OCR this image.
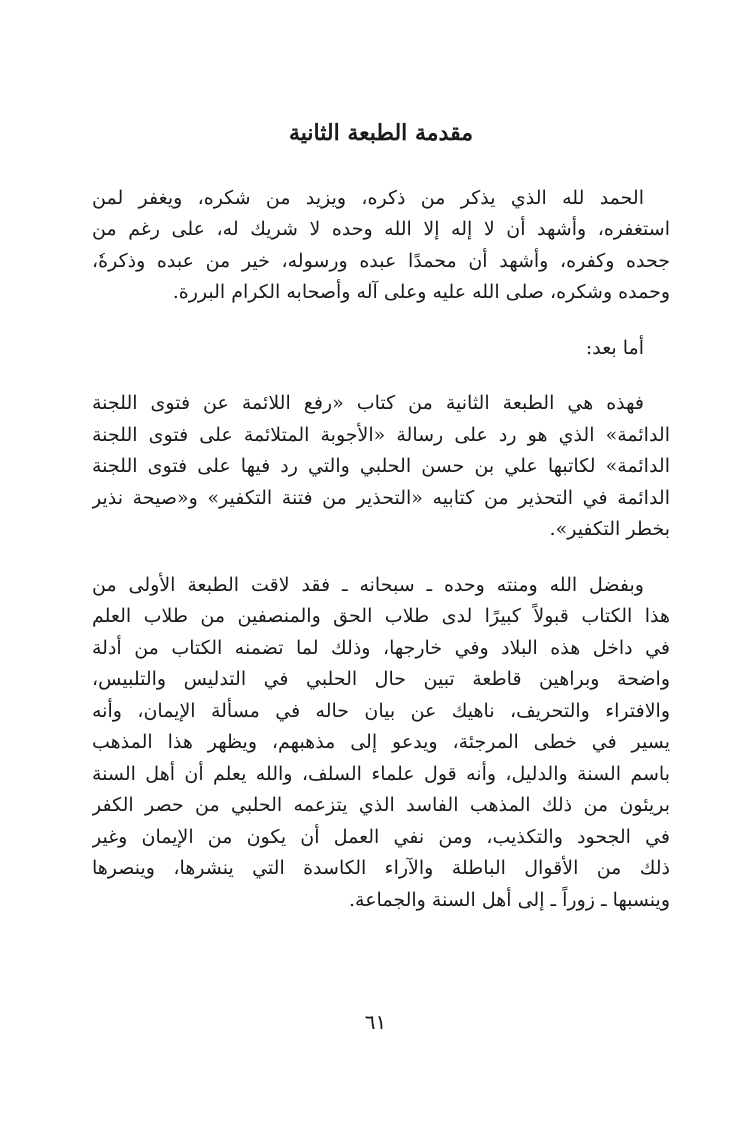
مقدمة الطبعة الثانية
الحمد لله الذي يذكر من ذكره، ويزيد من شكره، ويغفر لمن
استغفره، وأشهد أن لا إله إلا الله وحده لا شريك له، على رغم من
جحده وكفره، وأشهد أن محمدًا عبده ورسوله، خير من عبده وذكرهٗ،
وحمده وشكره، صلى الله عليه وعلى آله وأصحابه الكرام البررة.
أما بعد:
فهذه هي الطبعة الثانية من كتاب «رفع اللائمة عن فتوى اللجنة
الدائمة» الذي هو رد على رسالة «الأجوبة المتلائمة على فتوى اللجنة
الدائمة» لكاتبها علي بن حسن الحلبي والتي رد فيها على فتوى اللجنة
الدائمة في التحذير من كتابيه «التحذير من فتنة التكفير» و«صيحة نذير
بخطر التكفير».
وبفضل الله ومنته وحده ـ سبحانه ـ فقد لاقت الطبعة الأولى من
هذا الكتاب قبولاً كبيرًا لدى طلاب الحق والمنصفين من طلاب العلم
في داخل هذه البلاد وفي خارجها، وذلك لما تضمنه الكتاب من أدلة
واضحة وبراهين قاطعة تبين حال الحلبي في التدليس والتلبيس،
والافتراء والتحريف، ناهيك عن بيان حاله في مسألة الإيمان، وأنه
يسير في خطى المرجئة، ويدعو إلى مذهبهم، ويظهر هذا المذهب
باسم السنة والدليل، وأنه قول علماء السلف، والله يعلم أن أهل السنة
بريئون من ذلك المذهب الفاسد الذي يتزعمه الحلبي من حصر الكفر
في الجحود والتكذيب، ومن نفي العمل أن يكون من الإيمان وغير
ذلك من الأقوال الباطلة والآراء الكاسدة التي ينشرها، وينصرها
وينسبها ـ زوراً ـ إلى أهل السنة والجماعة.
٦١
